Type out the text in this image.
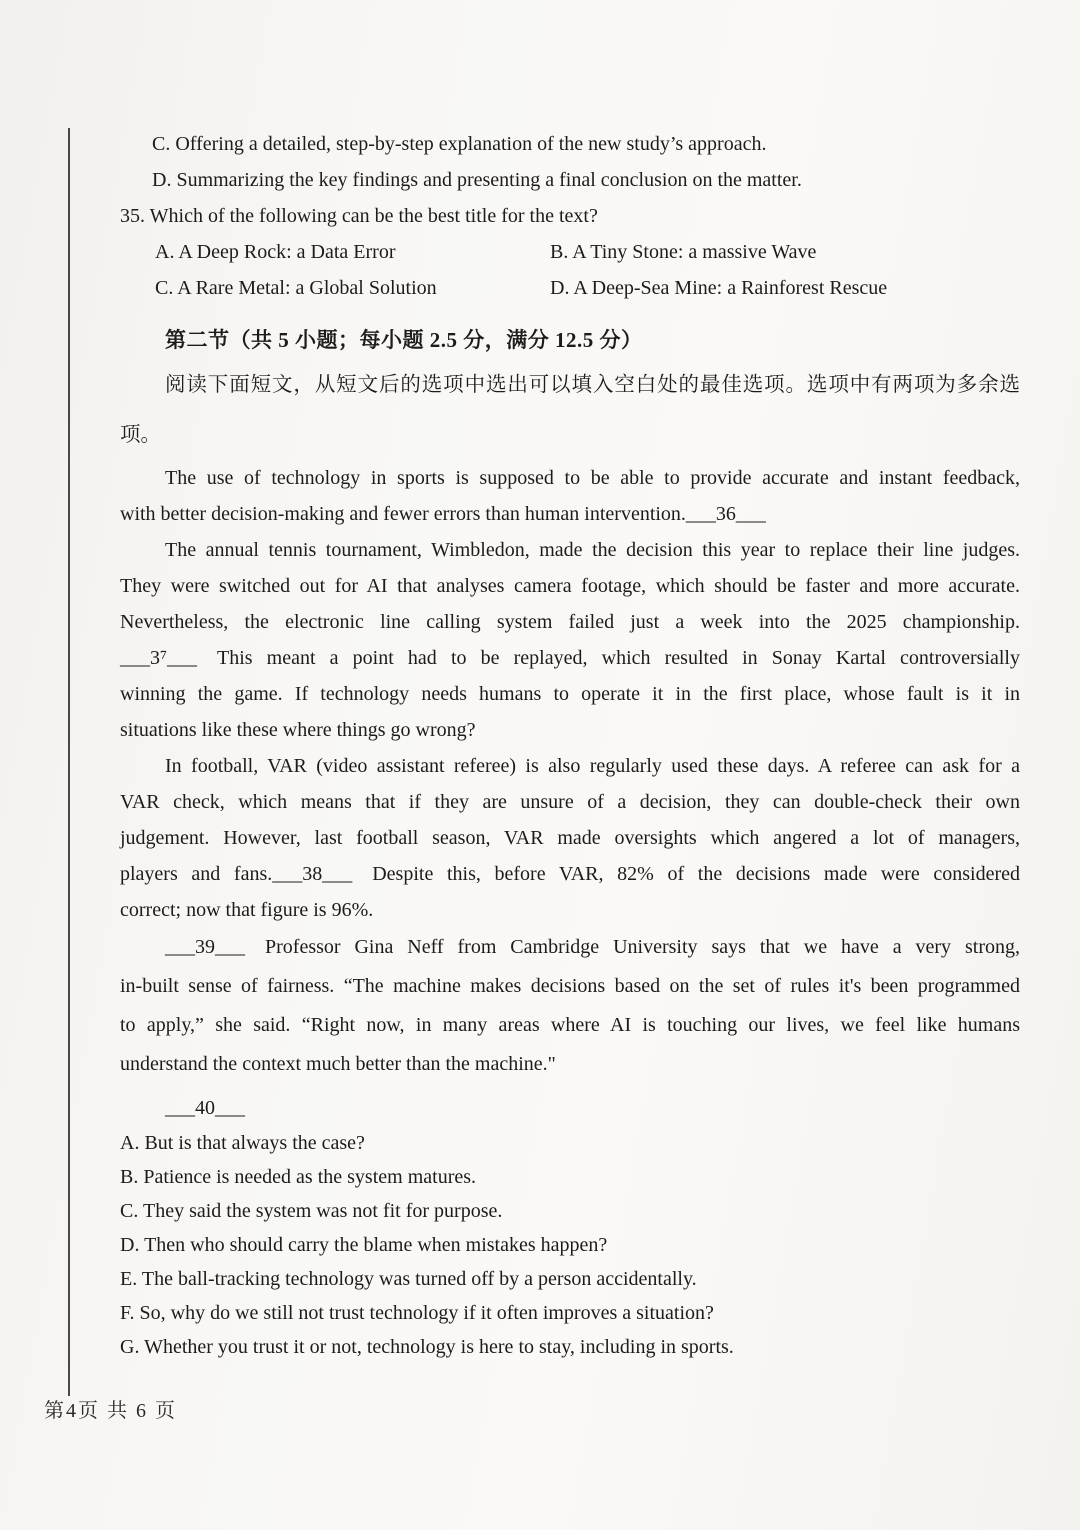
C. Offering a detailed, step-by-step explanation of the new study’s approach.
D. Summarizing the key findings and presenting a final conclusion on the matter.
35. Which of the following can be the best title for the text?
A. A Deep Rock: a Data Error	B. A Tiny Stone: a massive Wave
C. A Rare Metal: a Global Solution	D. A Deep-Sea Mine: a Rainforest Rescue
第二节（共 5 小题；每小题 2.5 分，满分 12.5 分）
阅读下面短文，从短文后的选项中选出可以填入空白处的最佳选项。选项中有两项为多余选
项。
The use of technology in sports is supposed to be able to provide accurate and instant feedback,
with better decision-making and fewer errors than human intervention.___36___
The annual tennis tournament, Wimbledon, made the decision this year to replace their line judges.
They were switched out for AI that analyses camera footage, which should be faster and more accurate.
Nevertheless, the electronic line calling system failed just a week into the 2025 championship.
___3⁷___ This meant a point had to be replayed, which resulted in Sonay Kartal controversially
winning the game. If technology needs humans to operate it in the first place, whose fault is it in
situations like these where things go wrong?
In football, VAR (video assistant referee) is also regularly used these days. A referee can ask for a
VAR check, which means that if they are unsure of a decision, they can double-check their own
judgement. However, last football season, VAR made oversights which angered a lot of managers,
players and fans.___38___ Despite this, before VAR, 82% of the decisions made were considered
correct; now that figure is 96%.
___39___ Professor Gina Neff from Cambridge University says that we have a very strong,
in-built sense of fairness. “The machine makes decisions based on the set of rules it's been programmed
to apply,” she said. “Right now, in many areas where AI is touching our lives, we feel like humans
understand the context much better than the machine."
___40___
A. But is that always the case?
B. Patience is needed as the system matures.
C. They said the system was not fit for purpose.
D. Then who should carry the blame when mistakes happen?
E. The ball-tracking technology was turned off by a person accidentally.
F. So, why do we still not trust technology if it often improves a situation?
G. Whether you trust it or not, technology is here to stay, including in sports.
第4页 共 6 页
